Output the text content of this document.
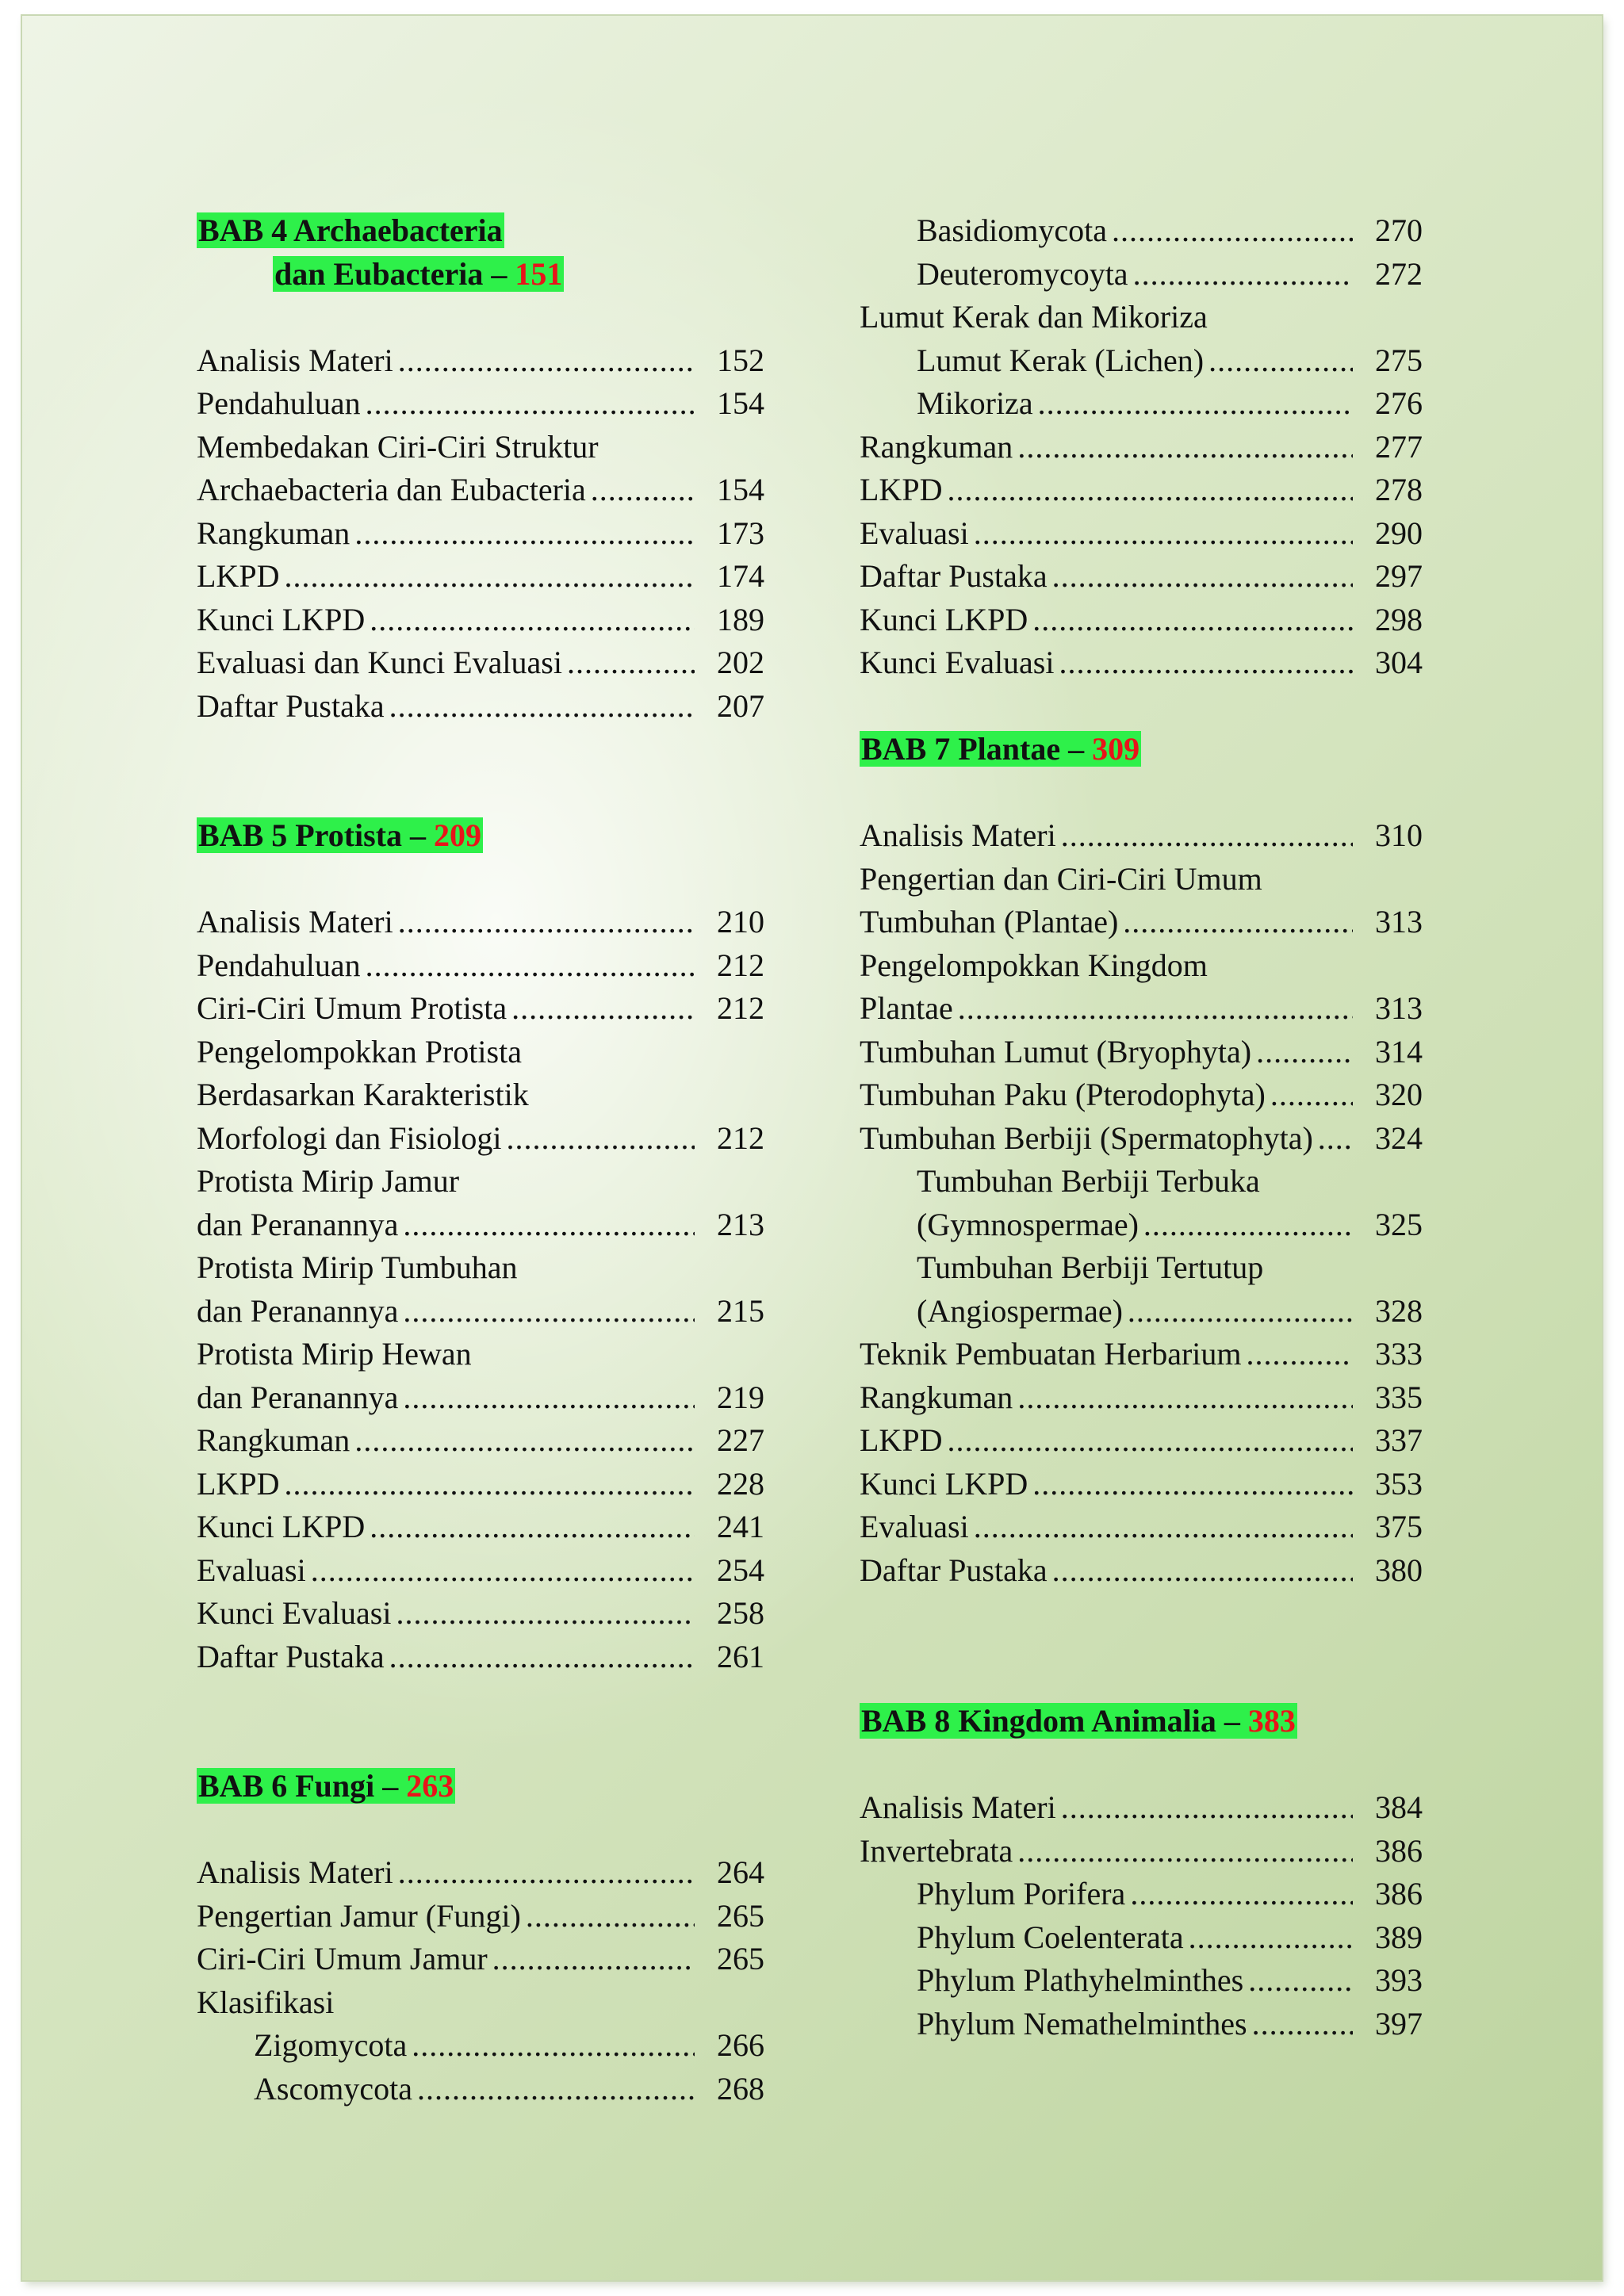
BAB 4 Archaebacteria

dan Eubacteria – 151
Analisis Materi .....	152
Pendahuluan .....	154
Membedakan Ciri-Ciri Struktur
Archaebacteria dan Eubacteria .....	154
Rangkuman .....	173
LKPD .....	174
Kunci LKPD .....	189
Evaluasi dan Kunci Evaluasi .....	202
Daftar Pustaka .....	207
BAB 5 Protista – 209
Analisis Materi .....	210
Pendahuluan .....	212
Ciri-Ciri Umum Protista .....	212
Pengelompokkan Protista
Berdasarkan Karakteristik
Morfologi dan Fisiologi .....	212
Protista Mirip Jamur
dan Peranannya .....	213
Protista Mirip Tumbuhan
dan Peranannya .....	215
Protista Mirip Hewan
dan Peranannya .....	219
Rangkuman .....	227
LKPD .....	228
Kunci LKPD .....	241
Evaluasi .....	254
Kunci Evaluasi .....	258
Daftar Pustaka .....	261
BAB 6 Fungi – 263
Analisis Materi .....	264
Pengertian Jamur (Fungi) .....	265
Ciri-Ciri Umum Jamur .....	265
Klasifikasi
Zigomycota .....	266
Ascomycota .....	268
Basidiomycota .....	270
Deuteromycoyta .....	272
Lumut Kerak dan Mikoriza
Lumut Kerak (Lichen) .....	275
Mikoriza .....	276
Rangkuman .....	277
LKPD .....	278
Evaluasi .....	290
Daftar Pustaka .....	297
Kunci LKPD .....	298
Kunci Evaluasi .....	304
BAB 7 Plantae – 309
Analisis Materi .....	310
Pengertian dan Ciri-Ciri Umum
Tumbuhan (Plantae) .....	313
Pengelompokkan Kingdom
Plantae .....	313
Tumbuhan Lumut (Bryophyta) .....	314
Tumbuhan Paku (Pterodophyta) .....	320
Tumbuhan Berbiji (Spermatophyta) .....	324
Tumbuhan Berbiji Terbuka
(Gymnospermae) .....	325
Tumbuhan Berbiji Tertutup
(Angiospermae) .....	328
Teknik Pembuatan Herbarium .....	333
Rangkuman .....	335
LKPD .....	337
Kunci LKPD .....	353
Evaluasi .....	375
Daftar Pustaka .....	380
BAB 8 Kingdom Animalia – 383
Analisis Materi .....	384
Invertebrata .....	386
Phylum Porifera .....	386
Phylum Coelenterata .....	389
Phylum Plathyhelminthes .....	393
Phylum Nemathelminthes .....	397
